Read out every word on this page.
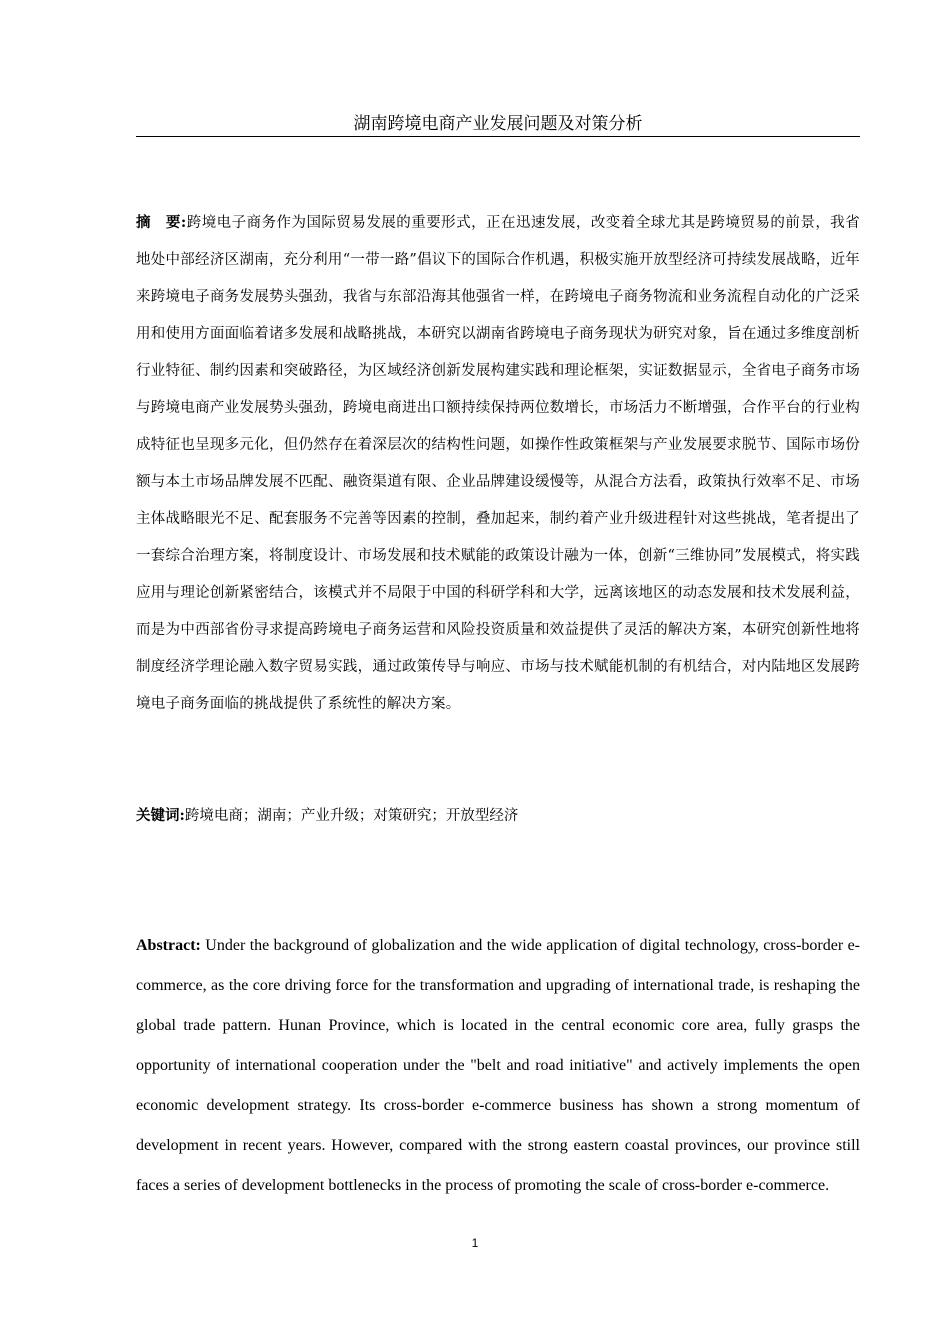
湖南跨境电商产业发展问题及对策分析
摘　要:跨境电子商务作为国际贸易发展的重要形式，正在迅速发展，改变着全球尤其是跨境贸易的前景，我省地处中部经济区湖南，充分利用“一带一路”倡议下的国际合作机遇，积极实施开放型经济可持续发展战略，近年来跨境电子商务发展势头强劲，我省与东部沿海其他强省一样，在跨境电子商务物流和业务流程自动化的广泛采用和使用方面面临着诸多发展和战略挑战，本研究以湖南省跨境电子商务现状为研究对象，旨在通过多维度剖析行业特征、制约因素和突破路径，为区域经济创新发展构建实践和理论框架，实证数据显示，全省电子商务市场与跨境电商产业发展势头强劲，跨境电商进出口额持续保持两位数增长，市场活力不断增强，合作平台的行业构成特征也呈现多元化，但仍然存在着深层次的结构性问题，如操作性政策框架与产业发展要求脱节、国际市场份额与本土市场品牌发展不匹配、融资渠道有限、企业品牌建设缓慢等，从混合方法看，政策执行效率不足、市场主体战略眼光不足、配套服务不完善等因素的控制，叠加起来，制约着产业升级进程针对这些挑战，笔者提出了一套综合治理方案，将制度设计、市场发展和技术赋能的政策设计融为一体，创新“三维协同”发展模式，将实践应用与理论创新紧密结合，该模式并不局限于中国的科研学科和大学，远离该地区的动态发展和技术发展利益，而是为中西部省份寻求提高跨境电子商务运营和风险投资质量和效益提供了灵活的解决方案，本研究创新性地将制度经济学理论融入数字贸易实践，通过政策传导与响应、市场与技术赋能机制的有机结合，对内陆地区发展跨境电子商务面临的挑战提供了系统性的解决方案。
关键词:跨境电商；湖南；产业升级；对策研究；开放型经济
Abstract: Under the background of globalization and the wide application of digital technology, cross-border e-commerce, as the core driving force for the transformation and upgrading of international trade, is reshaping the global trade pattern. Hunan Province, which is located in the central economic core area, fully grasps the opportunity of international cooperation under the "belt and road initiative" and actively implements the open economic development strategy. Its cross-border e-commerce business has shown a strong momentum of development in recent years. However, compared with the strong eastern coastal provinces, our province still faces a series of development bottlenecks in the process of promoting the scale of cross-border e-commerce.
1
